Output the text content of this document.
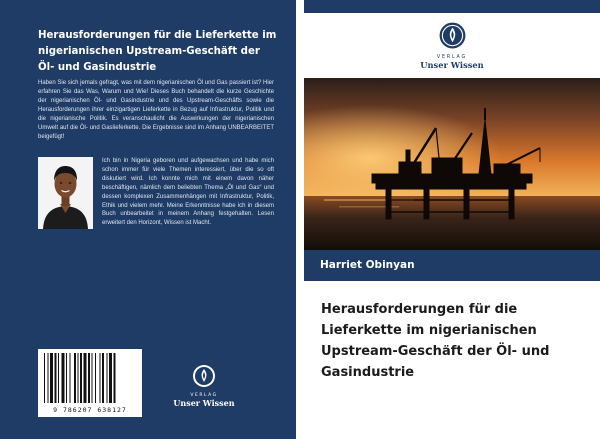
Herausforderungen für die Lieferkette im nigerianischen Upstream-Geschäft der Öl- und Gasindustrie
Haben Sie sich jemals gefragt, was mit dem nigerianischen Öl und Gas passiert ist? Hier erfahren Sie das Was, Warum und Wie! Dieses Buch behandelt die kurze Geschichte der nigerianischen Öl- und Gasindustrie und des Upstream-Geschäfts sowie die Herausforderungen ihrer einzigartigen Lieferkette in Bezug auf Infrastruktur, Politik und die nigerianische Politik. Es veranschaulicht die Auswirkungen der nigerianischen Umwelt auf die Öl- und Gaslieferkette. Die Ergebnisse sind im Anhang UNBEARBEITET beigefügt!
Ich bin in Nigeria geboren und aufgewachsen und habe mich schon immer für viele Themen interessiert, über die so oft diskutiert wird. Ich konnte mich mit einem davon näher beschäftigen, nämlich dem beliebten Thema „Öl und Gas“ und dessen komplexen Zusammenhängen mit Infrastruktur, Politik, Ethik und vielem mehr. Meine Erkenntnisse habe ich in diesem Buch unbearbeitet in meinem Anhang festgehalten. Lesen erweitert den Horizont, Wissen ist Macht.
9 786207 638127
VERLAG
Unser Wissen
VERLAG
Unser Wissen
Harriet Obinyan
Herausforderungen für die Lieferkette im nigerianischen Upstream-Geschäft der Öl- und Gasindustrie
